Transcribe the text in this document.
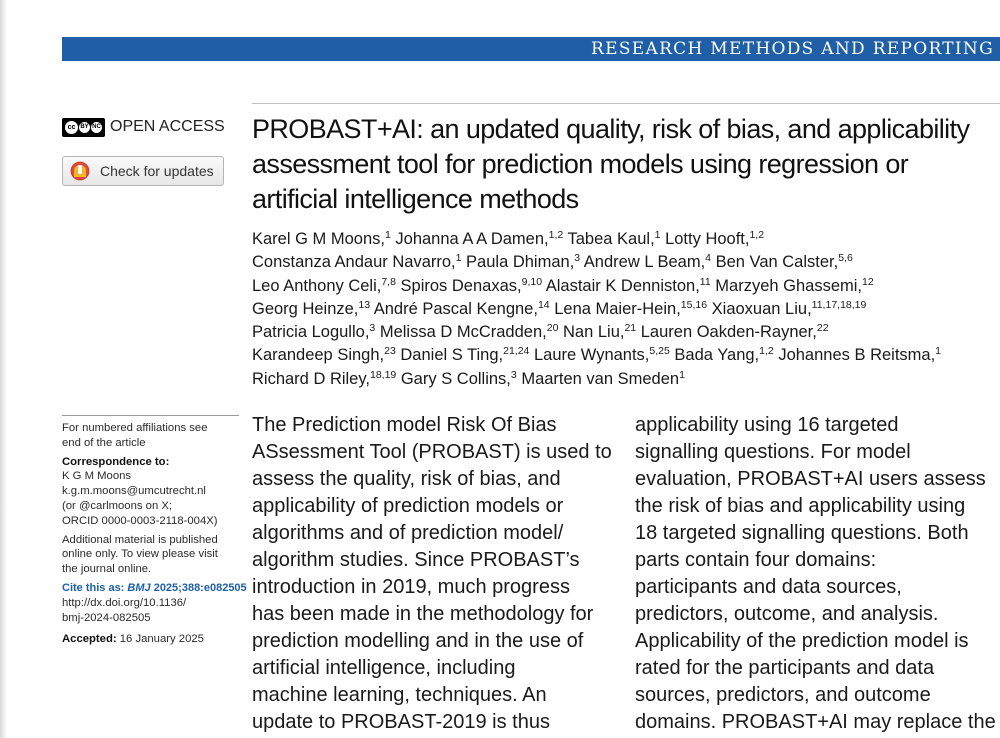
RESEARCH METHODS AND REPORTING
cc BY NC OPEN ACCESS
Check for updates
PROBAST+AI: an updated quality, risk of bias, and applicability
assessment tool for prediction models using regression or
artificial intelligence methods
Karel G M Moons,$^1$ Johanna A A Damen,$^{1,2}$ Tabea Kaul,$^1$ Lotty Hooft,$^{1,2}$
Constanza Andaur Navarro,$^1$ Paula Dhiman,$^3$ Andrew L Beam,$^4$ Ben Van Calster,$^{5,6}$
Leo Anthony Celi,$^{7,8}$ Spiros Denaxas,$^{9,10}$ Alastair K Denniston,$^{11}$ Marzyeh Ghassemi,$^{12}$
Georg Heinze,$^{13}$ André Pascal Kengne,$^{14}$ Lena Maier-Hein,$^{15,16}$ Xiaoxuan Liu,$^{11,17,18,19}$
Patricia Logullo,$^3$ Melissa D McCradden,$^{20}$ Nan Liu,$^{21}$ Lauren Oakden-Rayner,$^{22}$
Karandeep Singh,$^{23}$ Daniel S Ting,$^{21,24}$ Laure Wynants,$^{5,25}$ Bada Yang,$^{1,2}$ Johannes B Reitsma,$^1$
Richard D Riley,$^{18,19}$ Gary S Collins,$^3$ Maarten van Smeden$^1$
For numbered affiliations see
end of the article
Correspondence to:
K G M Moons
k.g.m.moons@umcutrecht.nl
(or @carlmoons on X;
ORCID 0000-0003-2118-004X)
Additional material is published
online only. To view please visit
the journal online.
Cite this as: BMJ 2025;388:e082505
http://dx.doi.org/10.1136/
bmj-2024-082505
Accepted: 16 January 2025
The Prediction model Risk Of Bias
ASsessment Tool (PROBAST) is used to
assess the quality, risk of bias, and
applicability of prediction models or
algorithms and of prediction model/
algorithm studies. Since PROBAST’s
introduction in 2019, much progress
has been made in the methodology for
prediction modelling and in the use of
artificial intelligence, including
machine learning, techniques. An
update to PROBAST-2019 is thus
applicability using 16 targeted
signalling questions. For model
evaluation, PROBAST+AI users assess
the risk of bias and applicability using
18 targeted signalling questions. Both
parts contain four domains:
participants and data sources,
predictors, outcome, and analysis.
Applicability of the prediction model is
rated for the participants and data
sources, predictors, and outcome
domains. PROBAST+AI may replace the
